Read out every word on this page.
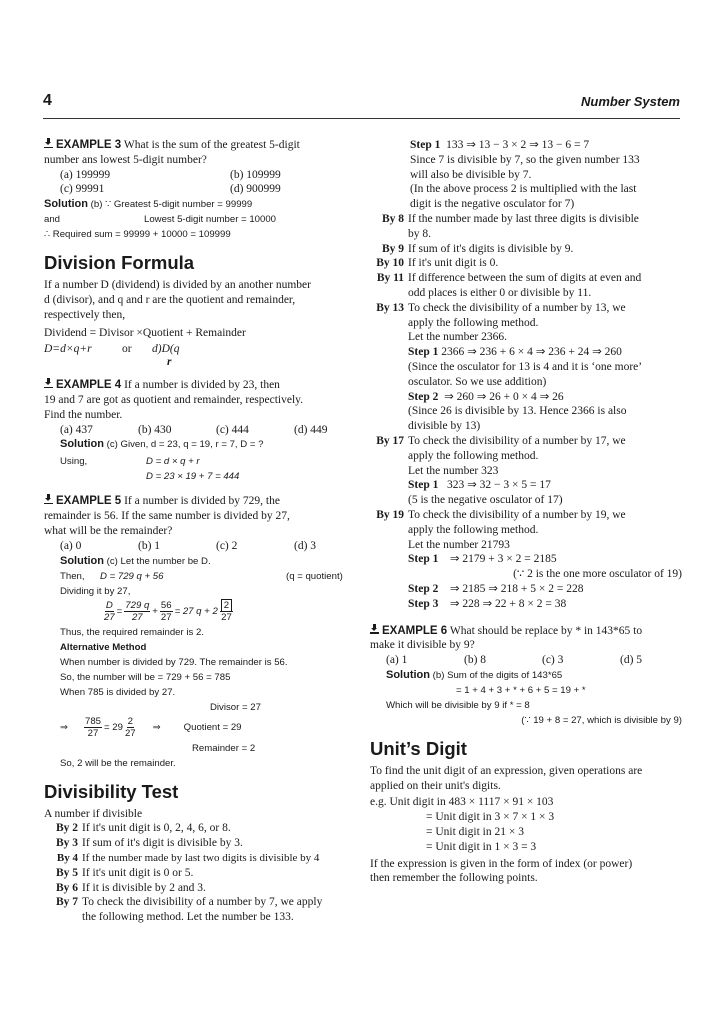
4	Number System
EXAMPLE 3 What is the sum of the greatest 5-digit
number ans lowest 5-digit number?
(a) 199999	(b) 109999
(c) 99991	(d) 900999
Solution (b) ∵ Greatest 5-digit number = 99999
and	Lowest 5-digit number = 10000
∴ Required sum = 99999 + 10000 = 109999
Division Formula
If a number D (dividend) is divided by an another number
d (divisor), and q and r are the quotient and remainder,
respectively then,
Dividend = Divisor ×Quotient + Remainder
D=d×q+r	or	d)D(q
r
EXAMPLE 4 If a number is divided by 23, then
19 and 7 are got as quotient and remainder, respectively.
Find the number.
(a) 437	(b) 430	(c) 444	(d) 449
Solution (c) Given, d = 23, q = 19, r = 7, D = ?
Using,	D = d × q + r
D = 23 × 19 + 7 = 444
EXAMPLE 5 If a number is divided by 729, the
remainder is 56. If the same number is divided by 27,
what will be the remainder?
(a) 0	(b) 1	(c) 2	(d) 3
Solution (c) Let the number be D.
Then,	D = 729 q + 56	(q = quotient)
Dividing it by 27,
$\frac{D}{27} = \frac{729 q}{27} + \frac{56}{27} = 27$ $q + 2 \frac{2}{27}$
Thus, the required remainder is 2.
Alternative Method
When number is divided by 729. The remainder is 56.
So, the number will be = 729 + 56 = 785
When 785 is divided by 27.
Divisor = 27
⇒	$\frac{785}{27} = 29 \frac{2}{27}$	⇒	Quotient = 29
Remainder = 2
So, 2 will be the remainder.
Divisibility Test
A number if divisible
By 2 If it's unit digit is 0, 2, 4, 6, or 8.
By 3 If sum of it's digit is divisible by 3.
By 4 If the number made by last two digits is divisible by 4
By 5 If it's unit digit is 0 or 5.
By 6 If it is divisible by 2 and 3.
By 7 To check the divisibility of a number by 7, we apply
the following method. Let the number be 133.
Step 1 133 ⇒ 13 − 3 × 2 ⇒ 13 − 6 = 7
Since 7 is divisible by 7, so the given number 133
will also be divisible by 7.
(In the above process 2 is multiplied with the last
digit is the negative osculator for 7)
By 8 If the number made by last three digits is divisible
by 8.
By 9 If sum of it's digits is divisible by 9.
By 10 If it's unit digit is 0.
By 11 If difference between the sum of digits at even and
odd places is either 0 or divisible by 11.
By 13 To check the divisibility of a number by 13, we
apply the following method.
Let the number 2366.
Step 1 2366 ⇒ 236 + 6 × 4 ⇒ 236 + 24 ⇒ 260
(Since the osculator for 13 is 4 and it is ‘one more’
osculator. So we use addition)
Step 2 ⇒ 260 ⇒ 26 + 0 × 4 ⇒ 26
(Since 26 is divisible by 13. Hence 2366 is also
divisible by 13)
By 17 To check the divisibility of a number by 17, we
apply the following method.
Let the number 323
Step 1 323 ⇒ 32 − 3 × 5 = 17
(5 is the negative osculator of 17)
By 19 To check the divisibility of a number by 19, we
apply the following method.
Let the number 21793
Step 1 ⇒ 2179 + 3 × 2 = 2185
(∵ 2 is the one more osculator of 19)
Step 2 ⇒ 2185 ⇒ 218 + 5 × 2 = 228
Step 3 ⇒ 228 ⇒ 22 + 8 × 2 = 38
EXAMPLE 6 What should be replace by * in 143*65 to
make it divisible by 9?
(a) 1	(b) 8	(c) 3	(d) 5
Solution (b) Sum of the digits of 143*65
= 1 + 4 + 3 + * + 6 + 5 = 19 + *
Which will be divisible by 9 if * = 8
(∵ 19 + 8 = 27, which is divisible by 9)
Unit’s Digit
To find the unit digit of an expression, given operations are
applied on their unit's digits.
e.g. Unit digit in 483 × 1117 × 91 × 103
= Unit digit in 3 × 7 × 1 × 3
= Unit digit in 21 × 3
= Unit digit in 1 × 3 = 3
If the expression is given in the form of index (or power)
then remember the following points.
